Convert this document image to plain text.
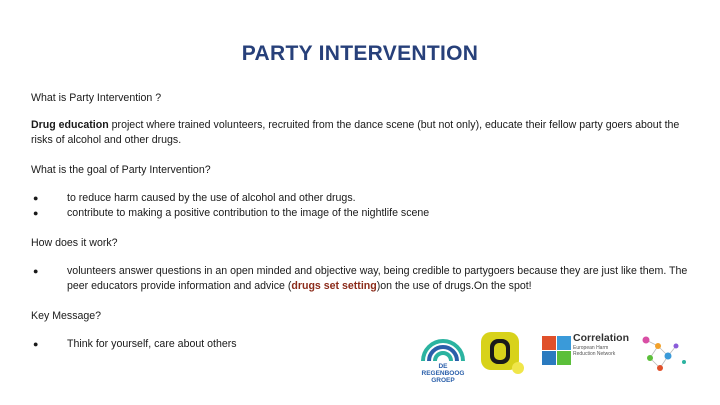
PARTY INTERVENTION

What is Party Intervention ?

Drug education project where trained volunteers, recruited from the dance scene (but not only), educate their fellow party goers about the risks of alcohol and other drugs.

What is the goal of Party Intervention?

●	to reduce harm caused by the use of alcohol and other drugs.
●	contribute to making a positive contribution to the image of the nightlife scene

How does it work?

●	volunteers answer questions in an open minded and objective way, being credible to partygoers because they are just like them. The peer educators provide information and advice (drugs set setting)on the use of drugs.On the spot!

Key Message?

●	Think for yourself, care about others
DE REGENBOOG GROEP
Correlation
European Harm Reduction Network
